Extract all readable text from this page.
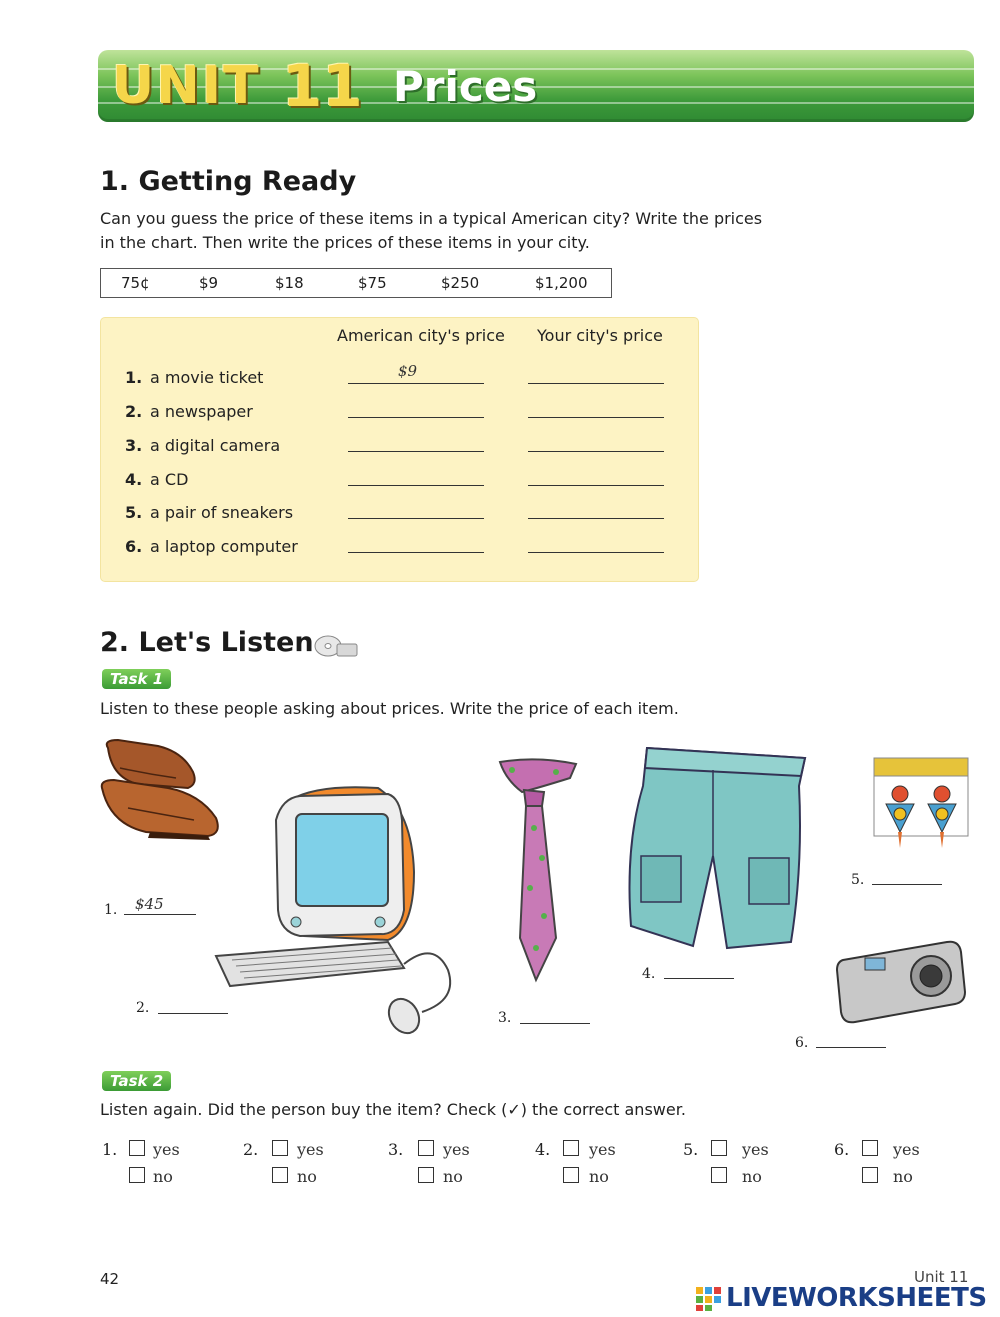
UNIT 11 Prices
1. Getting Ready
Can you guess the price of these items in a typical American city? Write the prices
in the chart. Then write the prices of these items in your city.
75¢	$9	$18	$75	$250	$1,200
American city's price Your city's price
1. a movie ticket	$9
2. a newspaper
3. a digital camera
4. a CD
5. a pair of sneakers
6. a laptop computer
2. Let's Listen
Task 1
Listen to these people asking about prices. Write the price of each item.
1. $45
2.
3.
4.
5.
6.
Task 2
Listen again. Did the person buy the item? Check (✓) the correct answer.
1. yes
no
2. yes
no
3. yes
no
4. yes
no
5.	yes
no
6.	yes
no
42	Unit 11
LIVEWORKSHEETS
